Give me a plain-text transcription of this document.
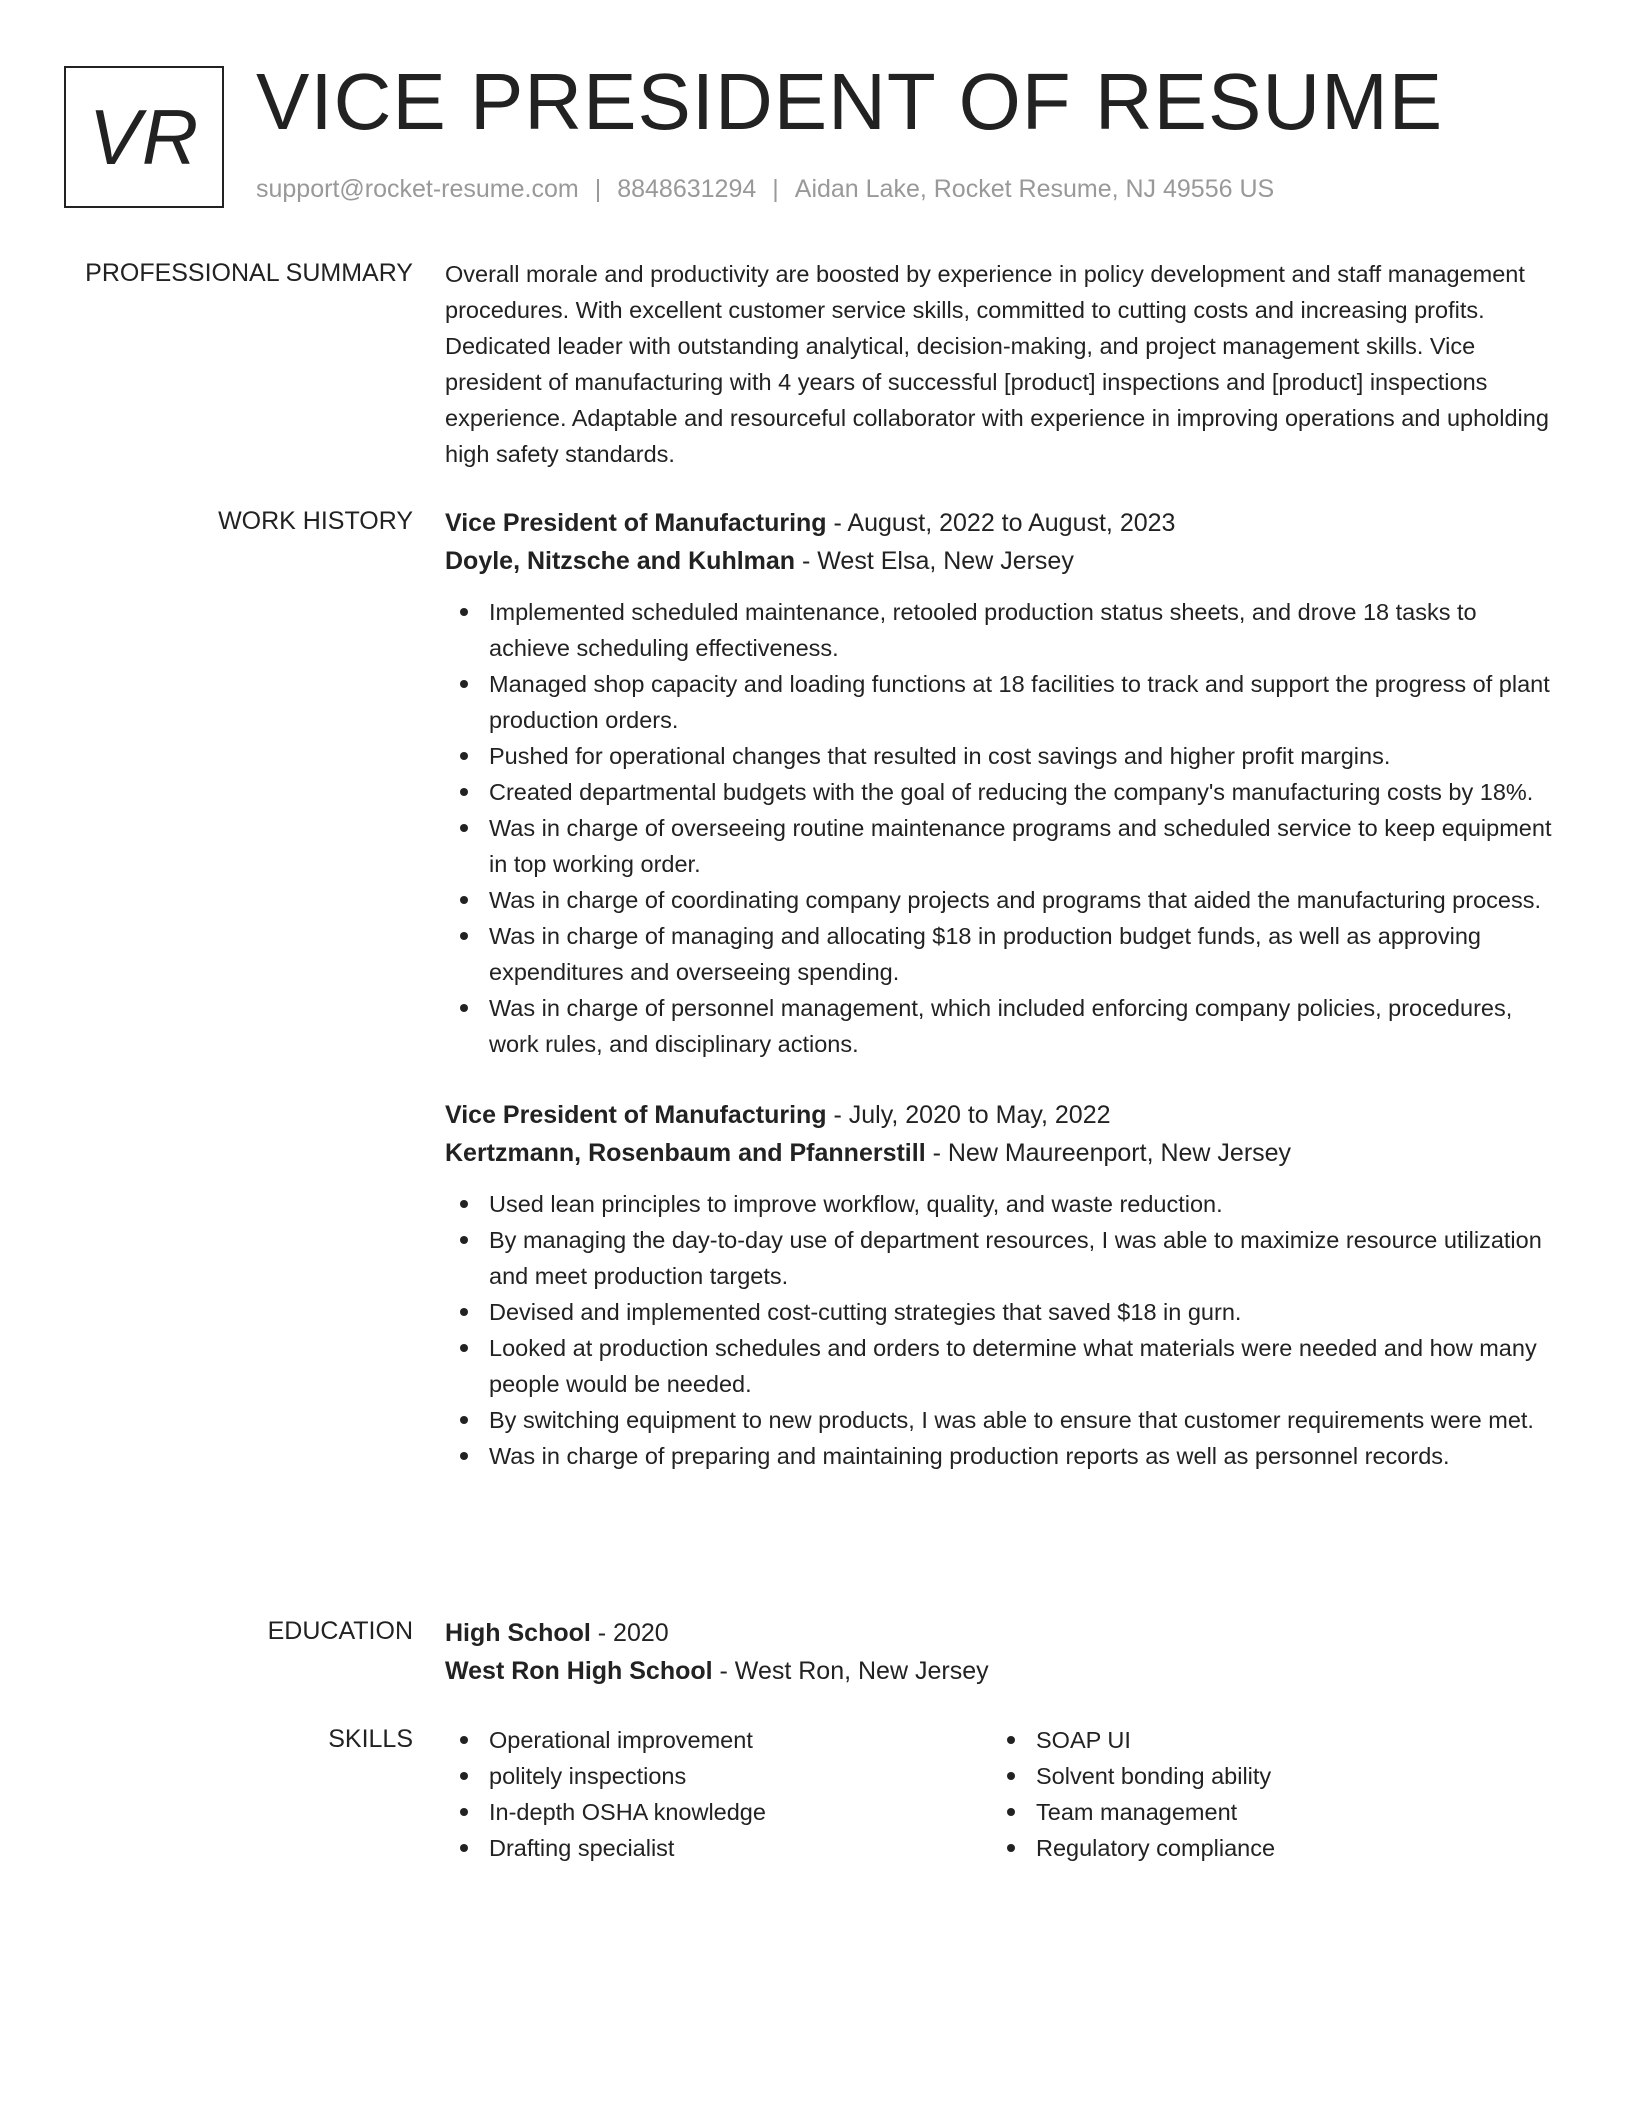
VR VICE PRESIDENT OF RESUME
support@rocket-resume.com | 8848631294 | Aidan Lake, Rocket Resume, NJ 49556 US
PROFESSIONAL SUMMARY Overall morale and productivity are boosted by experience in policy development and staff management procedures. With excellent customer service skills, committed to cutting costs and increasing profits. Dedicated leader with outstanding analytical, decision-making, and project management skills. Vice president of manufacturing with 4 years of successful [product] inspections and [product] inspections experience. Adaptable and resourceful collaborator with experience in improving operations and upholding high safety standards.

WORK HISTORY Vice President of Manufacturing - August, 2022 to August, 2023
Doyle, Nitzsche and Kuhlman - West Elsa, New Jersey
Implemented scheduled maintenance, retooled production status sheets, and drove 18 tasks to achieve scheduling effectiveness.
Managed shop capacity and loading functions at 18 facilities to track and support the progress of plant production orders.
Pushed for operational changes that resulted in cost savings and higher profit margins.
Created departmental budgets with the goal of reducing the company's manufacturing costs by 18%.
Was in charge of overseeing routine maintenance programs and scheduled service to keep equipment in top working order.
Was in charge of coordinating company projects and programs that aided the manufacturing process.
Was in charge of managing and allocating $18 in production budget funds, as well as approving expenditures and overseeing spending.
Was in charge of personnel management, which included enforcing company policies, procedures, work rules, and disciplinary actions.
Vice President of Manufacturing - July, 2020 to May, 2022
Kertzmann, Rosenbaum and Pfannerstill - New Maureenport, New Jersey
Used lean principles to improve workflow, quality, and waste reduction.
By managing the day-to-day use of department resources, I was able to maximize resource utilization and meet production targets.
Devised and implemented cost-cutting strategies that saved $18 in gurn.
Looked at production schedules and orders to determine what materials were needed and how many people would be needed.
By switching equipment to new products, I was able to ensure that customer requirements were met.
Was in charge of preparing and maintaining production reports as well as personnel records.
EDUCATION High School - 2020
West Ron High School - West Ron, New Jersey
SKILLS	Operational improvement
politely inspections
In-depth OSHA knowledge
Drafting specialist
SOAP UI
Solvent bonding ability
Team management
Regulatory compliance
